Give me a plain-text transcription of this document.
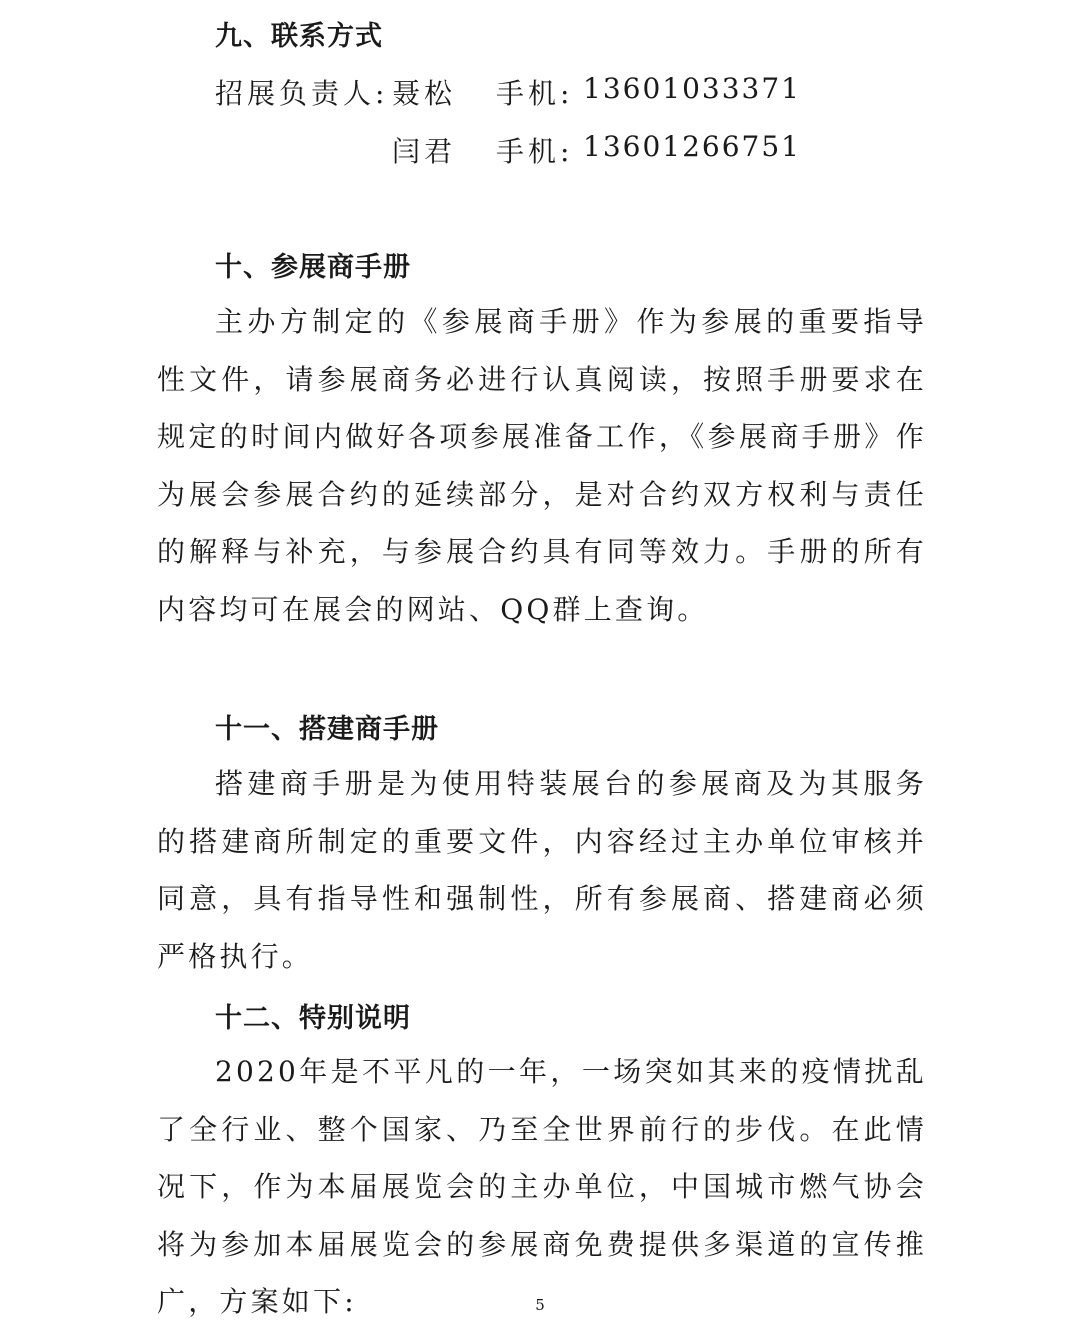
九、联系方式
招展负责人: 聂松 手机: 13601033371
闫君 手机: 13601266751
十、参展商手册
主办方制定的《参展商手册》作为参展的重要指导性文件，请参展商务必进行认真阅读，按照手册要求在规定的时间内做好各项参展准备工作，《参展商手册》作为展会参展合约的延续部分，是对合约双方权利与责任的解释与补充，与参展合约具有同等效力。手册的所有内容均可在展会的网站、QQ群上查询。
十一、搭建商手册
搭建商手册是为使用特装展台的参展商及为其服务的搭建商所制定的重要文件，内容经过主办单位审核并同意，具有指导性和强制性，所有参展商、搭建商必须严格执行。
十二、特别说明
2020年是不平凡的一年，一场突如其来的疫情扰乱了全行业、整个国家、乃至全世界前行的步伐。在此情况下，作为本届展览会的主办单位，中国城市燃气协会将为参加本届展览会的参展商免费提供多渠道的宣传推广，方案如下:	5
